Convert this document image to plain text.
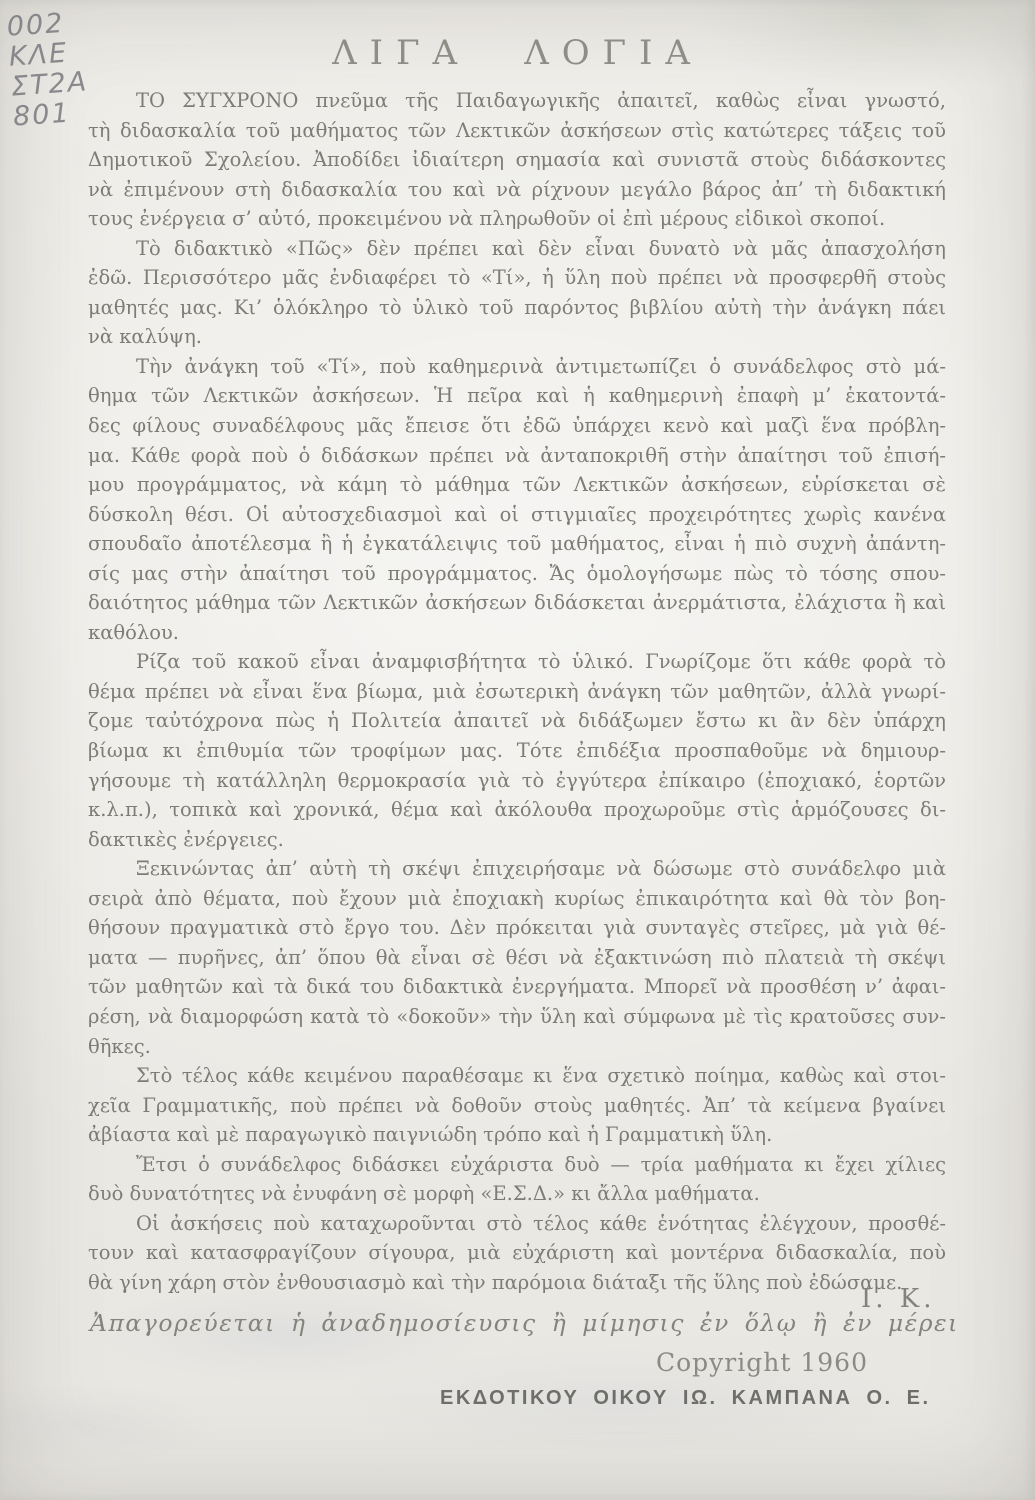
002
ΚΛΕ
ΣΤ2Α
801
ΛΙΓΑ ΛΟΓΙΑ

ΤΟ ΣΥΓΧΡΟΝΟ πνεῦμα τῆς Παιδαγωγικῆς ἀπαιτεῖ, καθὼς εἶναι γνωστό,
τὴ διδασκαλία τοῦ μαθήματος τῶν Λεκτικῶν ἀσκήσεων στὶς κατώτερες τάξεις τοῦ
Δημοτικοῦ Σχολείου. Ἀποδίδει ἰδιαίτερη σημασία καὶ συνιστᾶ στοὺς διδάσκοντες
νὰ ἐπιμένουν στὴ διδασκαλία του καὶ νὰ ρίχνουν μεγάλο βάρος ἀπ’ τὴ διδακτική
τους ἐνέργεια σ’ αὐτό, προκειμένου νὰ πληρωθοῦν οἱ ἐπὶ μέρους εἰδικοὶ σκοποί.

Τὸ διδακτικὸ «Πῶς» δὲν πρέπει καὶ δὲν εἶναι δυνατὸ νὰ μᾶς ἀπασχολήση
ἐδῶ. Περισσότερο μᾶς ἐνδιαφέρει τὸ «Τί», ἡ ὕλη ποὺ πρέπει νὰ προσφερθῆ στοὺς
μαθητές μας. Κι’ ὁλόκληρο τὸ ὑλικὸ τοῦ παρόντος βιβλίου αὐτὴ τὴν ἀνάγκη πάει
νὰ καλύψη.

Τὴν ἀνάγκη τοῦ «Τί», ποὺ καθημερινὰ ἀντιμετωπίζει ὁ συνάδελφος στὸ μά-
θημα τῶν Λεκτικῶν ἀσκήσεων. Ἡ πεῖρα καὶ ἡ καθημερινὴ ἐπαφὴ μ’ ἑκατοντά-
δες φίλους συναδέλφους μᾶς ἔπεισε ὅτι ἐδῶ ὑπάρχει κενὸ καὶ μαζὶ ἕνα πρόβλη-
μα. Κάθε φορὰ ποὺ ὁ διδάσκων πρέπει νὰ ἀνταποκριθῆ στὴν ἀπαίτησι τοῦ ἐπισή-
μου προγράμματος, νὰ κάμη τὸ μάθημα τῶν Λεκτικῶν ἀσκήσεων, εὑρίσκεται σὲ
δύσκολη θέσι. Οἱ αὐτοσχεδιασμοὶ καὶ οἱ στιγμιαῖες προχειρότητες χωρὶς κανένα
σπουδαῖο ἀποτέλεσμα ἢ ἡ ἐγκατάλειψις τοῦ μαθήματος, εἶναι ἡ πιὸ συχνὴ ἀπάντη-
σίς μας στὴν ἀπαίτησι τοῦ προγράμματος. Ἄς ὁμολογήσωμε πὼς τὸ τόσης σπου-
δαιότητος μάθημα τῶν Λεκτικῶν ἀσκήσεων διδάσκεται ἀνερμάτιστα, ἐλάχιστα ἢ καὶ
καθόλου.

Ρίζα τοῦ κακοῦ εἶναι ἀναμφισβήτητα τὸ ὑλικό. Γνωρίζομε ὅτι κάθε φορὰ τὸ
θέμα πρέπει νὰ εἶναι ἕνα βίωμα, μιὰ ἐσωτερικὴ ἀνάγκη τῶν μαθητῶν, ἀλλὰ γνωρί-
ζομε ταὐτόχρονα πὼς ἡ Πολιτεία ἀπαιτεῖ νὰ διδάξωμεν ἔστω κι ἂν δὲν ὑπάρχη
βίωμα κι ἐπιθυμία τῶν τροφίμων μας. Τότε ἐπιδέξια προσπαθοῦμε νὰ δημιουρ-
γήσουμε τὴ κατάλληλη θερμοκρασία γιὰ τὸ ἐγγύτερα ἐπίκαιρο (ἐποχιακό, ἑορτῶν
κ.λ.π.), τοπικὰ καὶ χρονικά, θέμα καὶ ἀκόλουθα προχωροῦμε στὶς ἁρμόζουσες δι-
δακτικὲς ἐνέργειες.

Ξεκινώντας ἀπ’ αὐτὴ τὴ σκέψι ἐπιχειρήσαμε νὰ δώσωμε στὸ συνάδελφο μιὰ
σειρὰ ἀπὸ θέματα, ποὺ ἔχουν μιὰ ἐποχιακὴ κυρίως ἐπικαιρότητα καὶ θὰ τὸν βοη-
θήσουν πραγματικὰ στὸ ἔργο του. Δὲν πρόκειται γιὰ συνταγὲς στεῖρες, μὰ γιὰ θέ-
ματα — πυρῆνες, ἀπ’ ὅπου θὰ εἶναι σὲ θέσι νὰ ἐξακτινώση πιὸ πλατειὰ τὴ σκέψι
τῶν μαθητῶν καὶ τὰ δικά του διδακτικὰ ἐνεργήματα. Μπορεῖ νὰ προσθέση ν’ ἀφαι-
ρέση, νὰ διαμορφώση κατὰ τὸ «δοκοῦν» τὴν ὕλη καὶ σύμφωνα μὲ τὶς κρατοῦσες συν-
θῆκες.

Στὸ τέλος κάθε κειμένου παραθέσαμε κι ἕνα σχετικὸ ποίημα, καθὼς καὶ στοι-
χεῖα Γραμματικῆς, ποὺ πρέπει νὰ δοθοῦν στοὺς μαθητές. Ἀπ’ τὰ κείμενα βγαίνει
ἀβίαστα καὶ μὲ παραγωγικὸ παιγνιώδη τρόπο καὶ ἡ Γραμματικὴ ὕλη.

Ἔτσι ὁ συνάδελφος διδάσκει εὐχάριστα δυὸ — τρία μαθήματα κι ἔχει χίλιες
δυὸ δυνατότητες νὰ ἐνυφάνη σὲ μορφὴ «Ε.Σ.Δ.» κι ἄλλα μαθήματα.

Οἱ ἀσκήσεις ποὺ καταχωροῦνται στὸ τέλος κάθε ἑνότητας ἐλέγχουν, προσθέ-
τουν καὶ κατασφραγίζουν σίγουρα, μιὰ εὐχάριστη καὶ μοντέρνα διδασκαλία, ποὺ
θὰ γίνη χάρη στὸν ἐνθουσιασμὸ καὶ τὴν παρόμοια διάταξι τῆς ὕλης ποὺ ἐδώσαμε.

Ι. Κ.
Ἀπαγορεύεται ἡ ἀναδημοσίευσις ἢ μίμησις ἐν ὅλῳ ἢ ἐν μέρει
Copyright 1960
ΕΚΔΟΤΙΚΟΥ ΟΙΚΟΥ ΙΩ. ΚΑΜΠΑΝΑ Ο. Ε.
